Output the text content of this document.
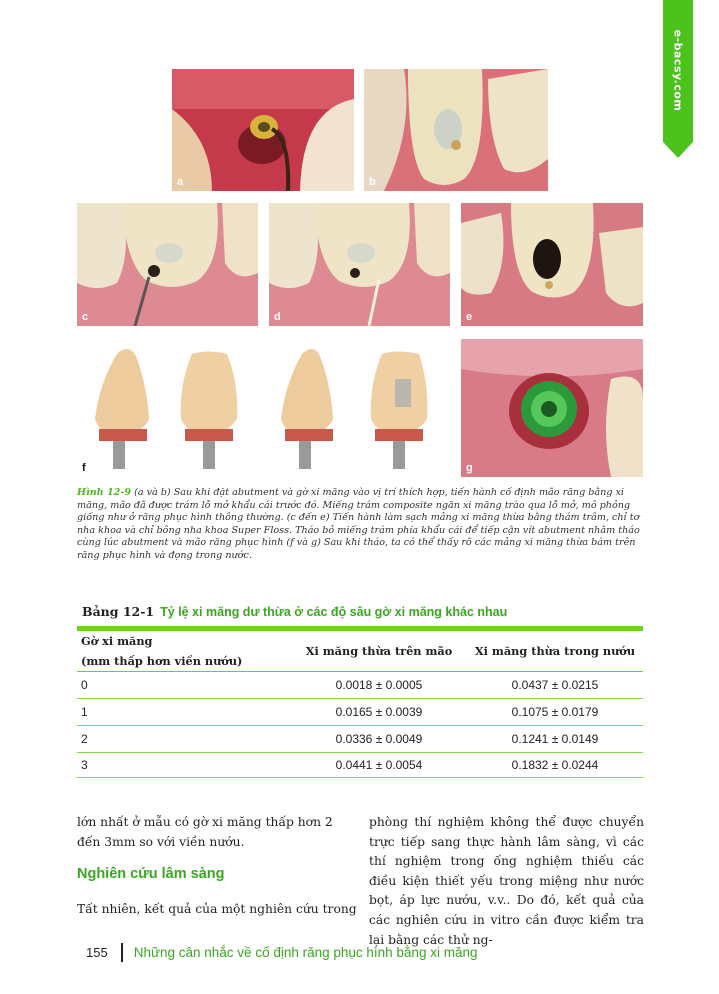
e-bacsy.com
a	b
c	d	e
f	g
Hình 12-9 (a và b) Sau khi đặt abutment và gờ xi măng vào vị trí thích hợp, tiến hành cố định mão răng bằng xi măng, mão đã được trám lỗ mở khẩu cái trước đó. Miếng trám composite ngăn xi măng trào qua lỗ mở, mô phỏng giống như ở răng phục hình thông thường. (c đến e) Tiến hành làm sạch mảng xi măng thừa bằng thám trâm, chỉ tơ nha khoa và chỉ bông nha khoa Super Floss. Tháo bỏ miếng trám phía khẩu cái để tiếp cận vít abutment nhằm tháo cùng lúc abutment và mão răng phục hình (f và g) Sau khi tháo, ta có thể thấy rõ các mảng xi măng thừa bám trên răng phục hình và đọng trong nước.
Bảng 12-1 Tỷ lệ xi măng dư thừa ở các độ sâu gờ xi măng khác nhau
Gờ xi măng
(mm thấp hơn viền nướu)
Xi măng thừa trên mão	Xi măng thừa trong nướu
0	0.0018 ± 0.0005	0.0437 ± 0.0215
1	0.0165 ± 0.0039	0.1075 ± 0.0179
2	0.0336 ± 0.0049	0.1241 ± 0.0149
3	0.0441 ± 0.0054	0.1832 ± 0.0244

lớn nhất ở mẫu có gờ xi măng thấp hơn 2 đến 3mm so với viền nướu.

Nghiên cứu lâm sàng
Tất nhiên, kết quả của một nghiên cứu trong

phòng thí nghiệm không thể được chuyển trực tiếp sang thực hành lâm sàng, vì các thí nghiệm trong ống nghiệm thiếu các điều kiện thiết yếu trong miệng như nước bọt, áp lực nướu, v.v.. Do đó, kết quả của các nghiên cứu in vitro cần được kiểm tra lại bằng các thử ng-

155 Những cân nhắc về cố định răng phục hình bằng xi măng
